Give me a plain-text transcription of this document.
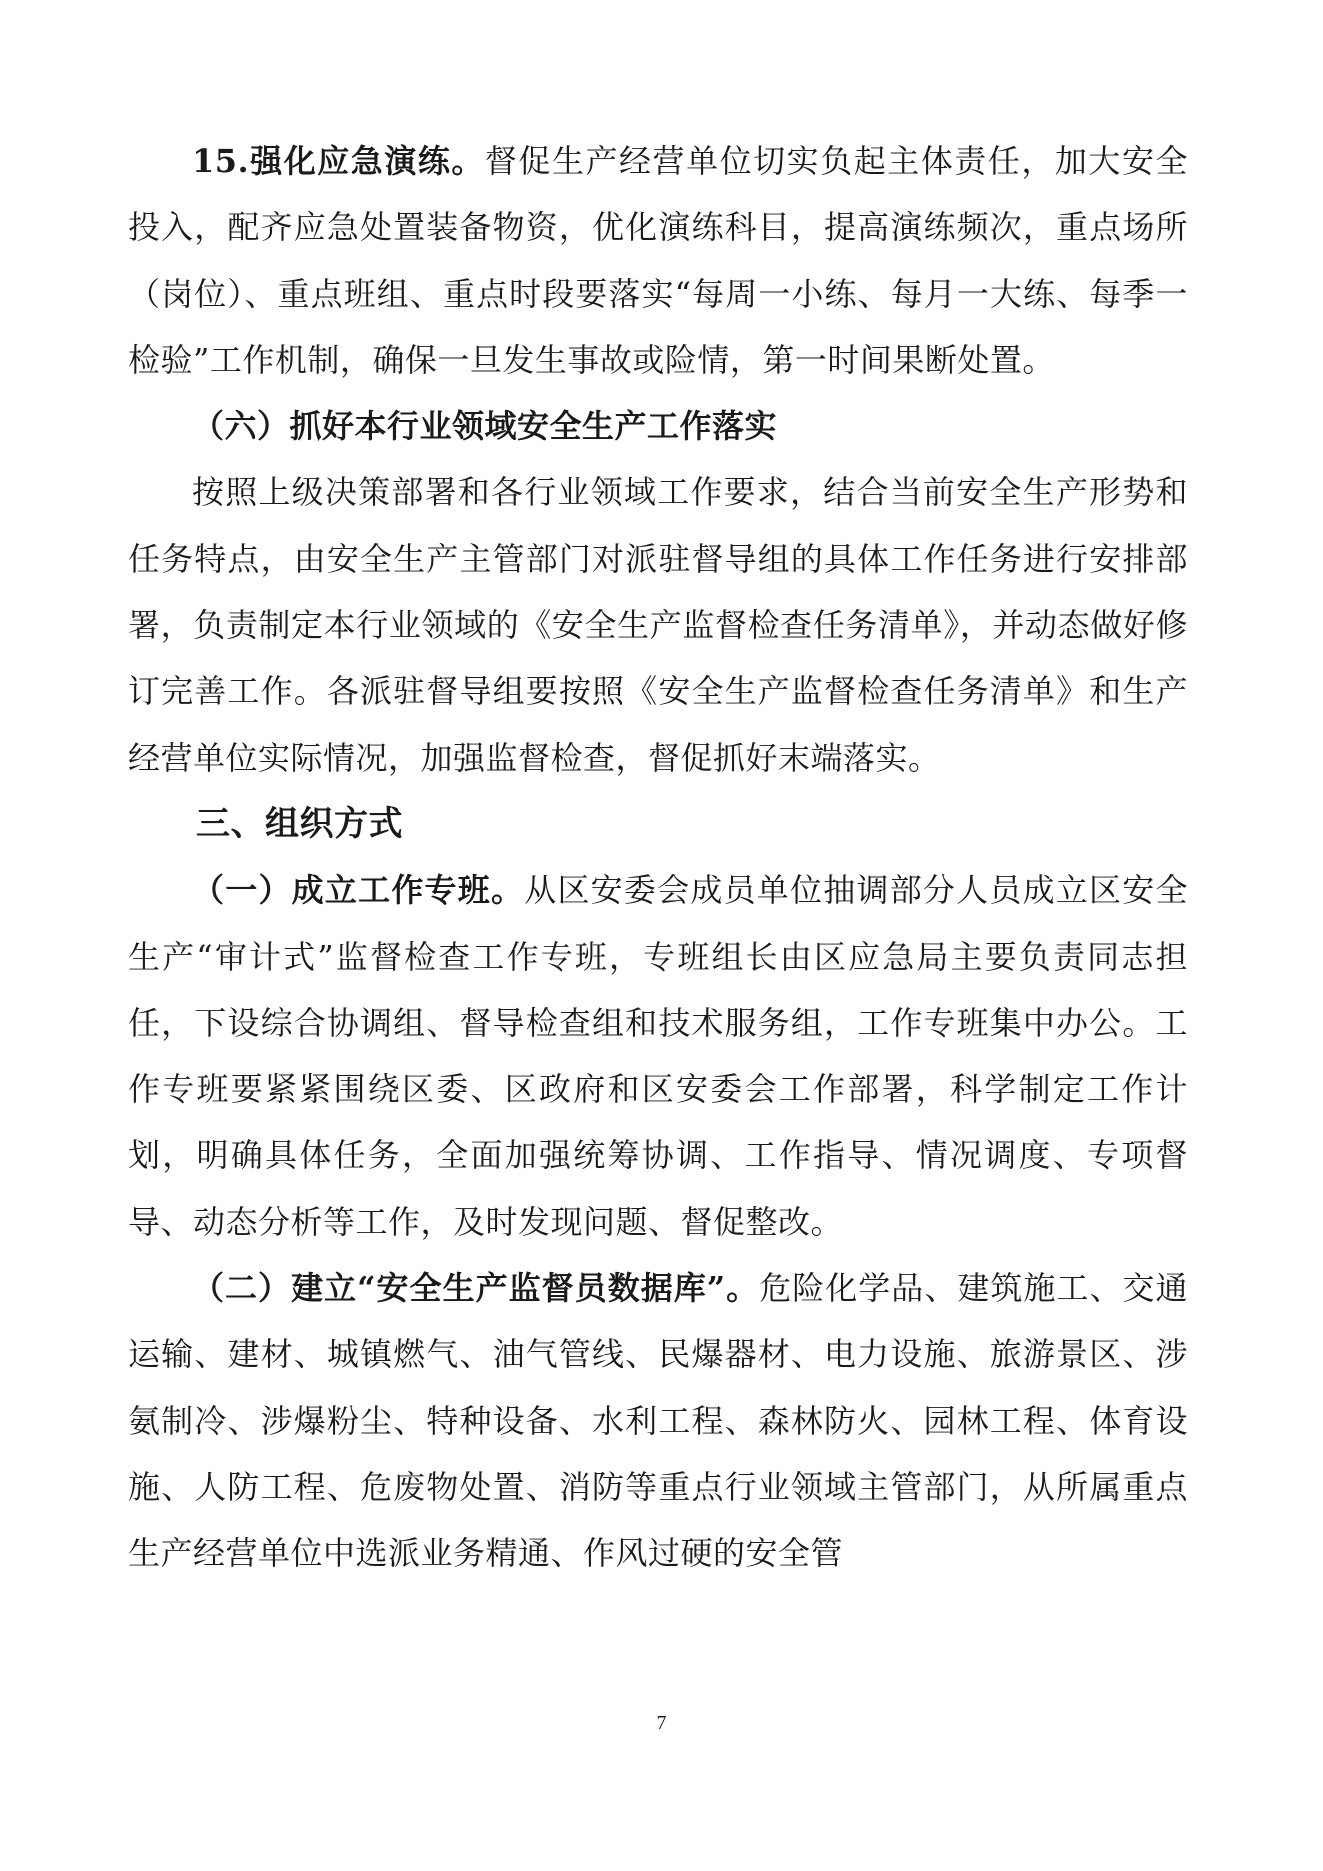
15.强化应急演练。督促生产经营单位切实负起主体责任，加大安全投入，配齐应急处置装备物资，优化演练科目，提高演练频次，重点场所（岗位）、重点班组、重点时段要落实“每周一小练、每月一大练、每季一检验”工作机制，确保一旦发生事故或险情，第一时间果断处置。

（六）抓好本行业领域安全生产工作落实

按照上级决策部署和各行业领域工作要求，结合当前安全生产形势和任务特点，由安全生产主管部门对派驻督导组的具体工作任务进行安排部署，负责制定本行业领域的《安全生产监督检查任务清单》，并动态做好修订完善工作。各派驻督导组要按照《安全生产监督检查任务清单》和生产经营单位实际情况，加强监督检查，督促抓好末端落实。

三、组织方式

（一）成立工作专班。从区安委会成员单位抽调部分人员成立区安全生产“审计式”监督检查工作专班，专班组长由区应急局主要负责同志担任，下设综合协调组、督导检查组和技术服务组，工作专班集中办公。工作专班要紧紧围绕区委、区政府和区安委会工作部署，科学制定工作计划，明确具体任务，全面加强统筹协调、工作指导、情况调度、专项督导、动态分析等工作，及时发现问题、督促整改。

（二）建立“安全生产监督员数据库”。危险化学品、建筑施工、交通运输、建材、城镇燃气、油气管线、民爆器材、电力设施、旅游景区、涉氨制冷、涉爆粉尘、特种设备、水利工程、森林防火、园林工程、体育设施、人防工程、危废物处置、消防等重点行业领域主管部门，从所属重点生产经营单位中选派业务精通、作风过硬的安全管

7
